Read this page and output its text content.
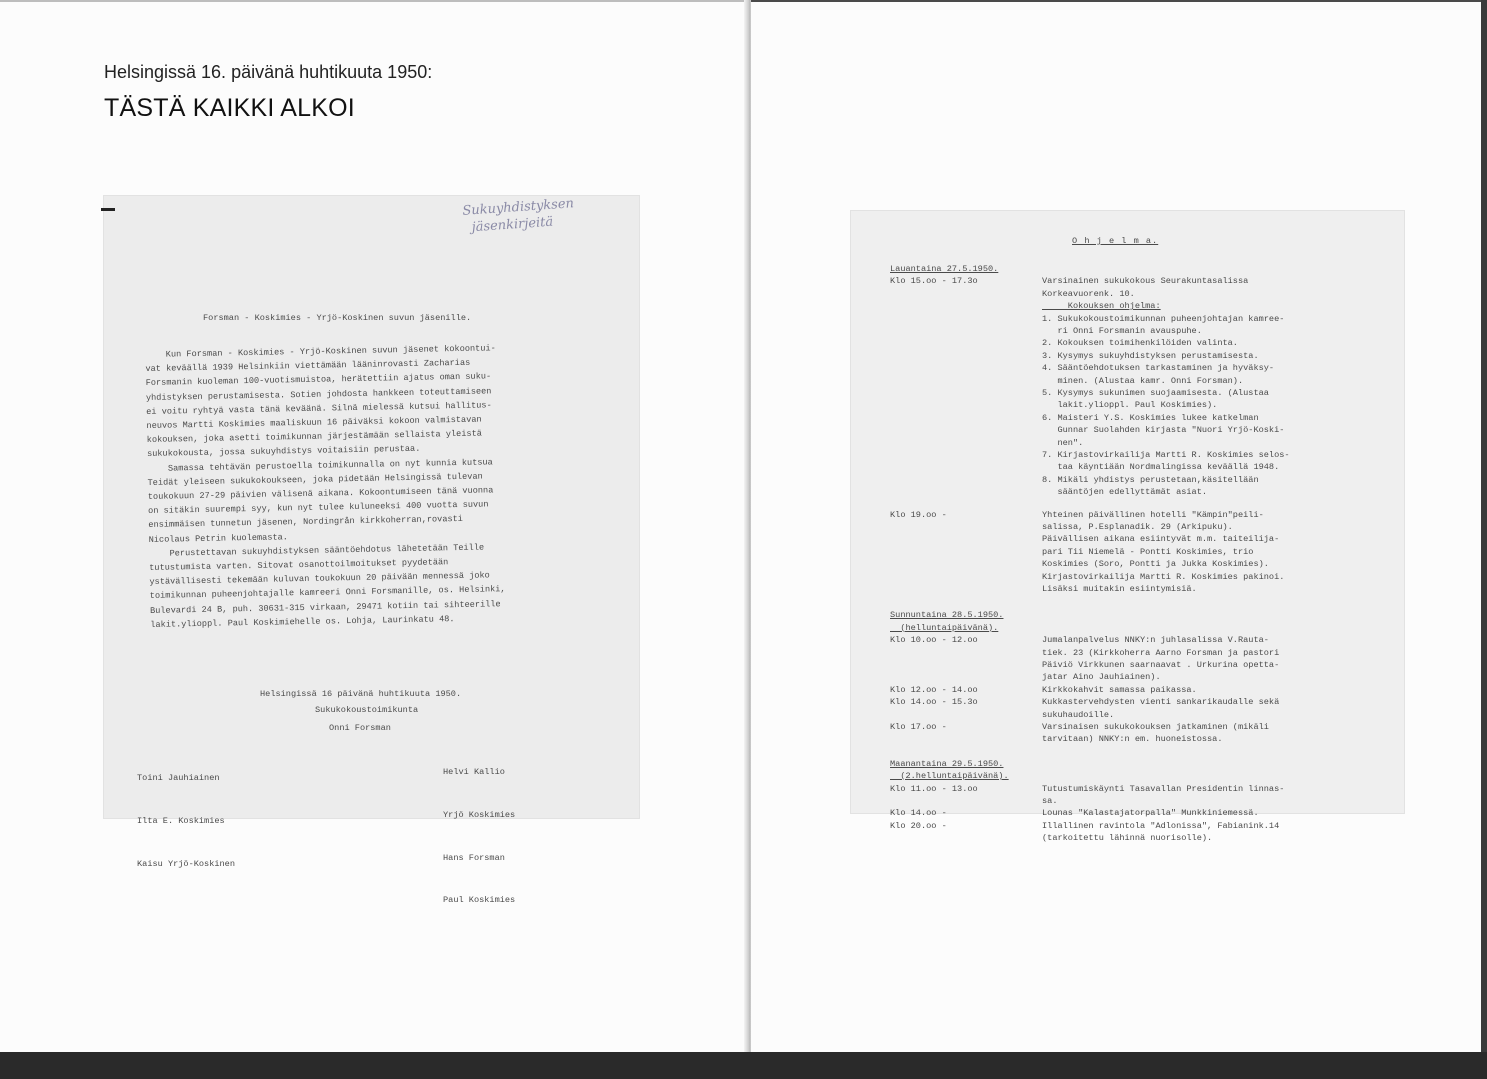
Helsingissä 16. päivänä huhtikuuta 1950:
TÄSTÄ KAIKKI ALKOI
Sukuyhdistyksen
jäsenkirjeitä
Forsman - Koskimies - Yrjö-Koskinen suvun jäsenille.
Kun Forsman - Koskimies - Yrjö-Koskinen suvun jäsenet kokoontui-
vat keväällä 1939 Helsinkiin viettämään lääninrovasti Zacharias
Forsmanin kuoleman 100-vuotismuistoa, herätettiin ajatus oman suku-
yhdistyksen perustamisesta. Sotien johdosta hankkeen toteuttamiseen
ei voitu ryhtyä vasta tänä keväänä. Silnä mielessä kutsui hallitus-
neuvos Martti Koskimies maaliskuun 16 päiväksi kokoon valmistavan
kokouksen, joka asetti toimikunnan järjestämään sellaista yleistä
sukukokousta, jossa sukuyhdistys voitaisiin perustaa.
Samassa tehtävän perustoella toimikunnalla on nyt kunnia kutsua
Teidät yleiseen sukukokoukseen, joka pidetään Helsingissä tulevan
toukokuun 27-29 päivien välisenä aikana. Kokoontumiseen tänä vuonna
on sitäkin suurempi syy, kun nyt tulee kuluneeksi 400 vuotta suvun
ensimmäisen tunnetun jäsenen, Nordingrån kirkkoherran,rovasti
Nicolaus Petrin kuolemasta.
Perustettavan sukuyhdistyksen sääntöehdotus lähetetään Teille
tutustumista varten. Sitovat osanottoilmoitukset pyydetään
ystävällisesti tekemään kuluvan toukokuun 20 päivään mennessä joko
toimikunnan puheenjohtajalle kamreeri Onni Forsmanille, os. Helsinki,
Bulevardi 24 B, puh. 30631-315 virkaan, 29471 kotiin tai sihteerille
lakit.ylioppl. Paul Koskimiehelle os. Lohja, Laurinkatu 48.
Helsingissä 16 päivänä huhtikuuta 1950.
Sukukokoustoimikunta
Onni Forsman

Toini Jauhiainen

Ilta E. Koskimies

Kaisu Yrjö-Koskinen

Helvi Kallio

Yrjö Koskimies

Hans Forsman

Paul Koskimies

O h j e l m a.
Lauantaina 27.5.1950.
Klo 15.oo - 17.3o	Varsinainen sukukokous Seurakuntasalissa
Korkeavuorenk. 10.
Kokouksen ohjelma:
1. Sukukokoustoimikunnan puheenjohtajan kamree-
ri Onni Forsmanin avauspuhe.
2. Kokouksen toimihenkilöiden valinta.
3. Kysymys sukuyhdistyksen perustamisesta.
4. Sääntöehdotuksen tarkastaminen ja hyväksy-
minen. (Alustaa kamr. Onni Forsman).
5. Kysymys sukunimen suojaamisesta. (Alustaa
lakit.ylioppl. Paul Koskimies).
6. Maisteri Y.S. Koskimies lukee katkelman
Gunnar Suolahden kirjasta "Nuori Yrjö-Koski-
nen".
7. Kirjastovirkailija Martti R. Koskimies selos-
taa käyntiään Nordmalingissa keväällä 1948.
8. Mikäli yhdistys perustetaan,käsitellään
sääntöjen edellyttämät asiat.
Klo 19.oo -	Yhteinen päivällinen hotelli "Kämpin"peili-
salissa, P.Esplanadik. 29 (Arkipuku).
Päivällisen aikana esiintyvät m.m. taiteilija-
pari Tii Niemelä - Pontti Koskimies, trio
Koskimies (Soro, Pontti ja Jukka Koskimies).
Kirjastovirkailija Martti R. Koskimies pakinoi.
Lisäksi muitakin esiintymisiä.
Sunnuntaina 28.5.1950.
(helluntaipäivänä).
Klo 10.oo - 12.oo	Jumalanpalvelus NNKY:n juhlasalissa V.Rauta-
tiek. 23 (Kirkkoherra Aarno Forsman ja pastori
Päiviö Virkkunen saarnaavat . Urkurina opetta-
jatar Aino Jauhiainen).
Klo 12.oo - 14.oo	Kirkkokahvit samassa paikassa.
Klo 14.oo - 15.3o	Kukkastervehdysten vienti sankarikaudalle sekä
sukuhaudoille.
Klo 17.oo -	Varsinaisen sukukokouksen jatkaminen (mikäli
tarvitaan) NNKY:n em. huoneistossa.
Maanantaina 29.5.1950.
(2.helluntaipäivänä).
Klo 11.oo - 13.oo	Tutustumiskäynti Tasavallan Presidentin linnas-
sa.
Klo 14.oo -	Lounas "Kalastajatorpalla" Munkkiniemessä.
Klo 20.oo -	Illallinen ravintola "Adlonissa", Fabianink.14
(tarkoitettu lähinnä nuorisolle).
